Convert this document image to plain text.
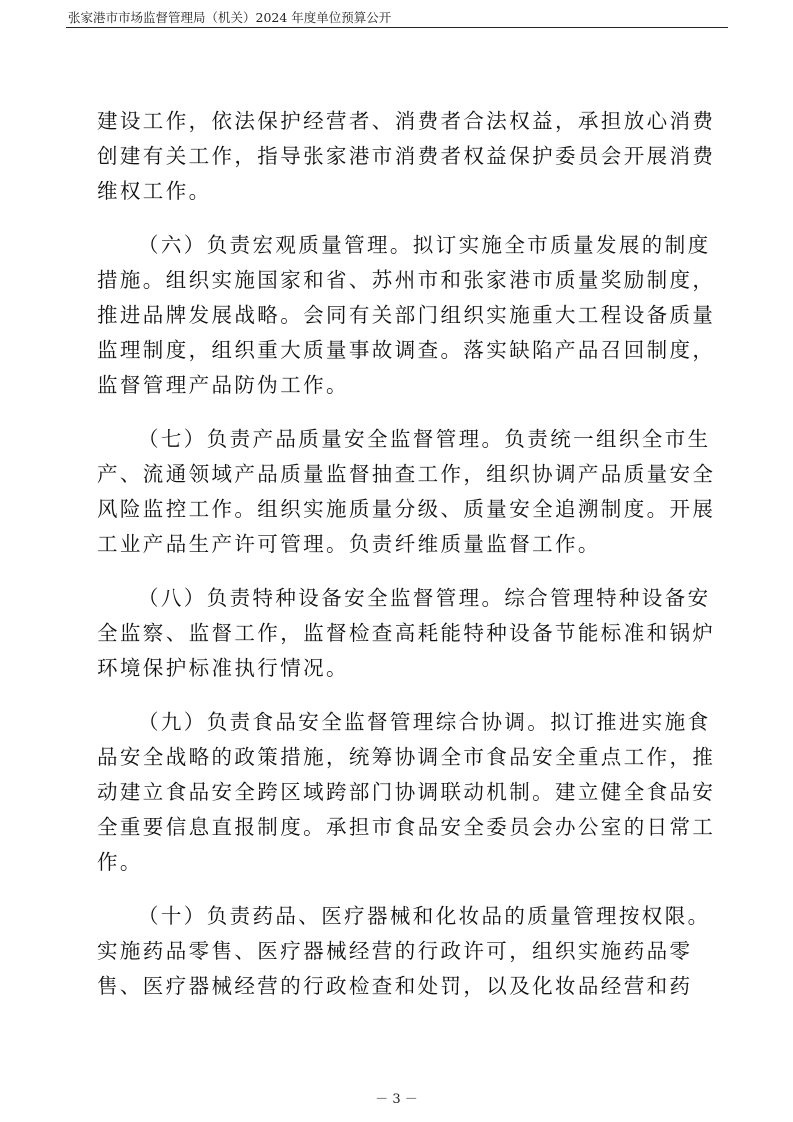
张家港市市场监督管理局（机关）2024 年度单位预算公开

建设工作，依法保护经营者、消费者合法权益，承担放心消费
创建有关工作，指导张家港市消费者权益保护委员会开展消费
维权工作。

（六）负责宏观质量管理。拟订实施全市质量发展的制度
措施。组织实施国家和省、苏州市和张家港市质量奖励制度，
推进品牌发展战略。会同有关部门组织实施重大工程设备质量
监理制度，组织重大质量事故调查。落实缺陷产品召回制度，
监督管理产品防伪工作。

（七）负责产品质量安全监督管理。负责统一组织全市生
产、流通领域产品质量监督抽查工作，组织协调产品质量安全
风险监控工作。组织实施质量分级、质量安全追溯制度。开展
工业产品生产许可管理。负责纤维质量监督工作。

（八）负责特种设备安全监督管理。综合管理特种设备安
全监察、监督工作，监督检查高耗能特种设备节能标准和锅炉
环境保护标准执行情况。

（九）负责食品安全监督管理综合协调。拟订推进实施食
品安全战略的政策措施，统筹协调全市食品安全重点工作，推
动建立食品安全跨区域跨部门协调联动机制。建立健全食品安
全重要信息直报制度。承担市食品安全委员会办公室的日常工
作。

（十）负责药品、医疗器械和化妆品的质量管理按权限。
实施药品零售、医疗器械经营的行政许可，组织实施药品零
售、医疗器械经营的行政检查和处罚，以及化妆品经营和药

－ 3 －
